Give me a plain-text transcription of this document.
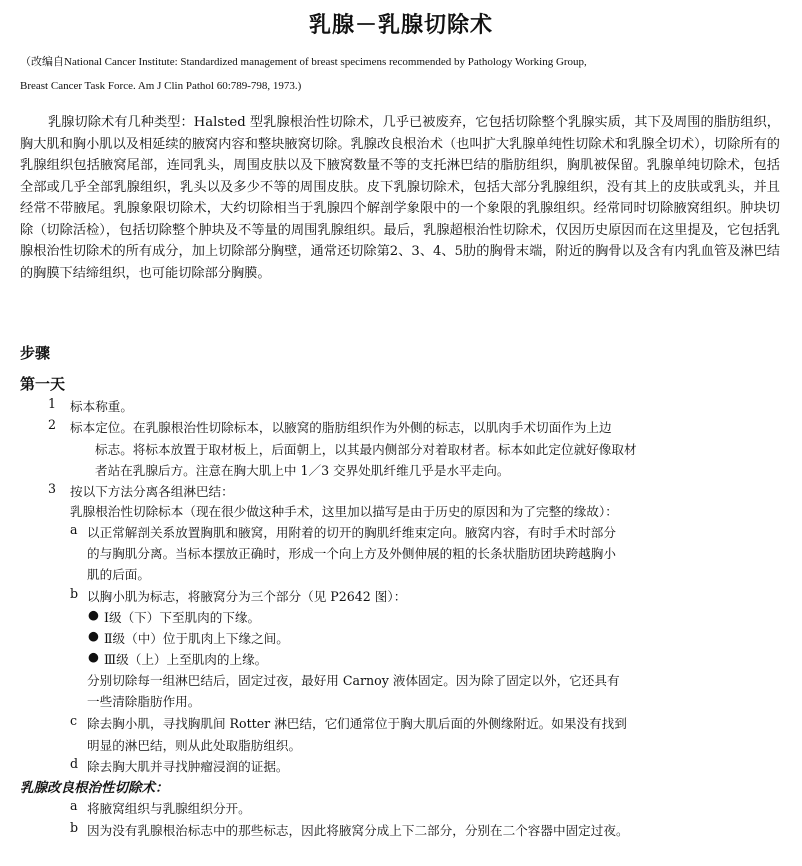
乳腺－乳腺切除术
（改编自National Cancer Institute: Standardized management of breast specimens recommended by Pathology Working Group,
Breast Cancer Task Force. Am J Clin Pathol 60:789-798, 1973.)
乳腺切除术有几种类型：Halsted 型乳腺根治性切除术，几乎已被废弃，它包括切除整个乳腺实质，其下及周围的脂肪组织，胸大肌和胸小肌以及相延续的腋窝内容和整块腋窝切除。乳腺改良根治术（也叫扩大乳腺单纯性切除术和乳腺全切术），切除所有的乳腺组织包括腋窝尾部，连同乳头，周围皮肤以及下腋窝数量不等的支托淋巴结的脂肪组织，胸肌被保留。乳腺单纯切除术，包括全部或几乎全部乳腺组织，乳头以及多少不等的周围皮肤。皮下乳腺切除术，包括大部分乳腺组织，没有其上的皮肤或乳头，并且经常不带腋尾。乳腺象限切除术，大约切除相当于乳腺四个解剖学象限中的一个象限的乳腺组织。经常同时切除腋窝组织。肿块切除（切除活检），包括切除整个肿块及不等量的周围乳腺组织。最后，乳腺超根治性切除术，仅因历史原因而在这里提及，它包括乳腺根治性切除术的所有成分，加上切除部分胸壁，通常还切除第2、3、4、5肋的胸骨末端，附近的胸骨以及含有内乳血管及淋巴结的胸膜下结缔组织，也可能切除部分胸膜。
步骤
第一天
1 标本称重。
2 标本定位。在乳腺根治性切除标本，以腋窝的脂肪组织作为外侧的标志，以肌肉手术切面作为上边
标志。将标本放置于取材板上，后面朝上，以其最内侧部分对着取材者。标本如此定位就好像取材
者站在乳腺后方。注意在胸大肌上中 1／3 交界处肌纤维几乎是水平走向。
3 按以下方法分离各组淋巴结：
乳腺根治性切除标本（现在很少做这种手术，这里加以描写是由于历史的原因和为了完整的缘故）：
a 以正常解剖关系放置胸肌和腋窝，用附着的切开的胸肌纤维束定向。腋窝内容，有时手术时部分
的与胸肌分离。当标本摆放正确时，形成一个向上方及外侧伸展的粗的长条状脂肪团块跨越胸小
肌的后面。
b 以胸小肌为标志，将腋窝分为三个部分（见 P2642 图）：
● Ⅰ级（下）下至肌肉的下缘。
● Ⅱ级（中）位于肌肉上下缘之间。
● Ⅲ级（上）上至肌肉的上缘。
分别切除每一组淋巴结后，固定过夜，最好用 Carnoy 液体固定。因为除了固定以外，它还具有
一些清除脂肪作用。
c 除去胸小肌，寻找胸肌间 Rotter 淋巴结，它们通常位于胸大肌后面的外侧缘附近。如果没有找到
明显的淋巴结，则从此处取脂肪组织。
d 除去胸大肌并寻找肿瘤浸润的证据。
乳腺改良根治性切除术：
a 将腋窝组织与乳腺组织分开。
b 因为没有乳腺根治标志中的那些标志，因此将腋窝分成上下二部分，分别在二个容器中固定过夜。
